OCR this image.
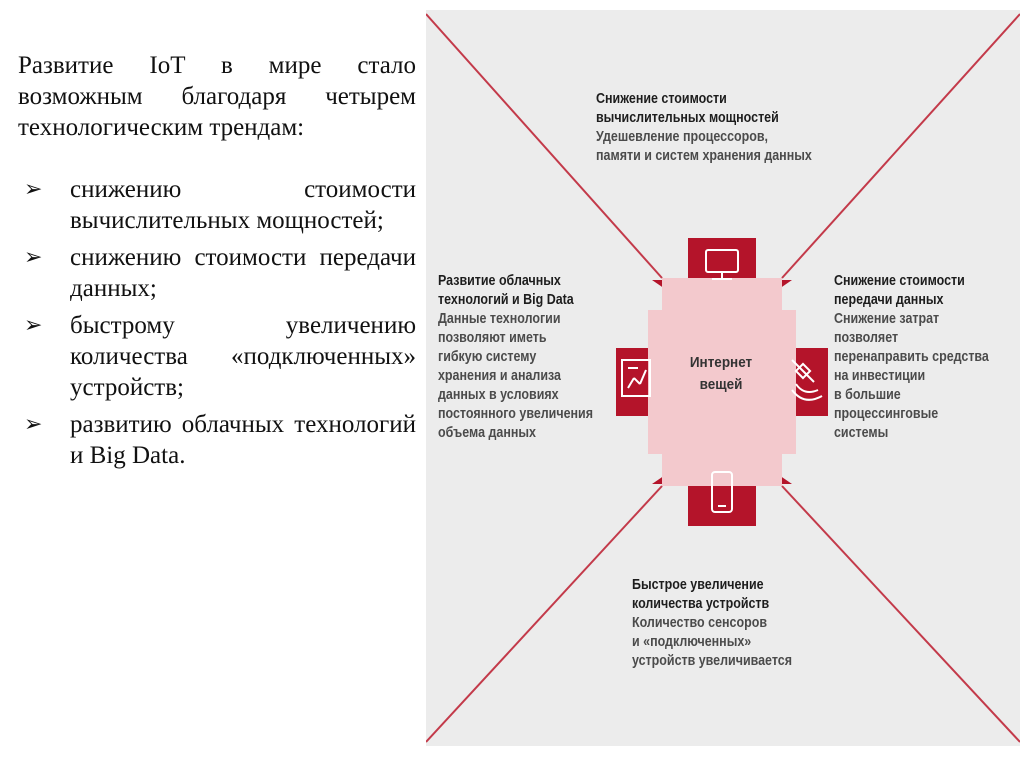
Развитие IoT в мире стало возможным благодаря четырем технологическим трендам:

➢ снижению стоимости вычислительных мощностей;
➢ снижению стоимости передачи данных;
➢ быстрому увеличению количества «подключенных» устройств;
➢ развитию облачных технологий и Big Data.
Снижение стоимости
вычислительных мощностей
Удешевление процессоров,
памяти и систем хранения данных
Развитие облачных
технологий и Big Data
Данные технологии
позволяют иметь
гибкую систему
хранения и анализа
данных в условиях
постоянного увеличения
объема данных
Снижение стоимости
передачи данных
Снижение затрат
позволяет
перенаправить средства
на инвестиции
в большие
процессинговые
системы
Быстрое увеличение
количества устройств
Количество сенсоров
и «подключенных»
устройств увеличивается
Интернет
вещей
